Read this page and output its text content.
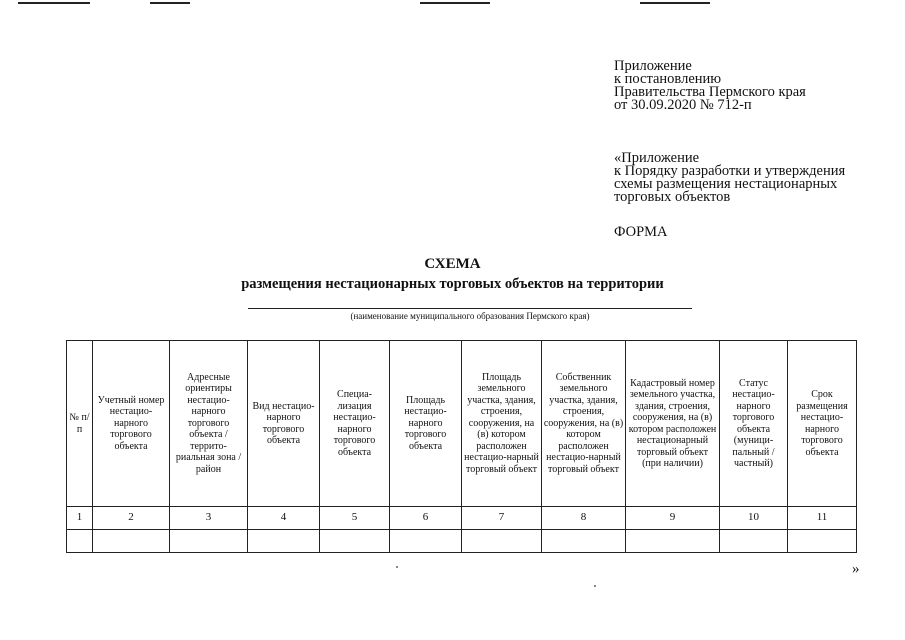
Приложение
к постановлению
Правительства Пермского края
от 30.09.2020 № 712-п
«Приложение
к Порядку разработки и утверждения
схемы размещения нестационарных
торговых объектов
ФОРМА
СХЕМА
размещения нестационарных торговых объектов на территории
(наименование муниципального образования Пермского края)
№ п/п	Учетный номер нестацио-нарного торгового объекта	Адресные ориентиры нестацио-нарного торгового объекта / террито-риальная зона / район	Вид нестацио-нарного торгового объекта	Специа-лизация нестацио-нарного торгового объекта	Площадь нестацио-нарного торгового объекта	Площадь земельного участка, здания, строения, сооружения, на (в) котором расположен нестацио-нарный торговый объект	Собственник земельного участка, здания, строения, сооружения, на (в) котором расположен нестацио-нарный торговый объект	Кадастровый номер земельного участка, здания, строения, сооружения, на (в) котором расположен нестационарный торговый объект (при наличии)	Статус нестацио-нарного торгового объекта (муници-пальный / частный)	Срок размещения нестацио-нарного торгового объекта
1	2	3	4	5	6	7	8	9	10	11

»
